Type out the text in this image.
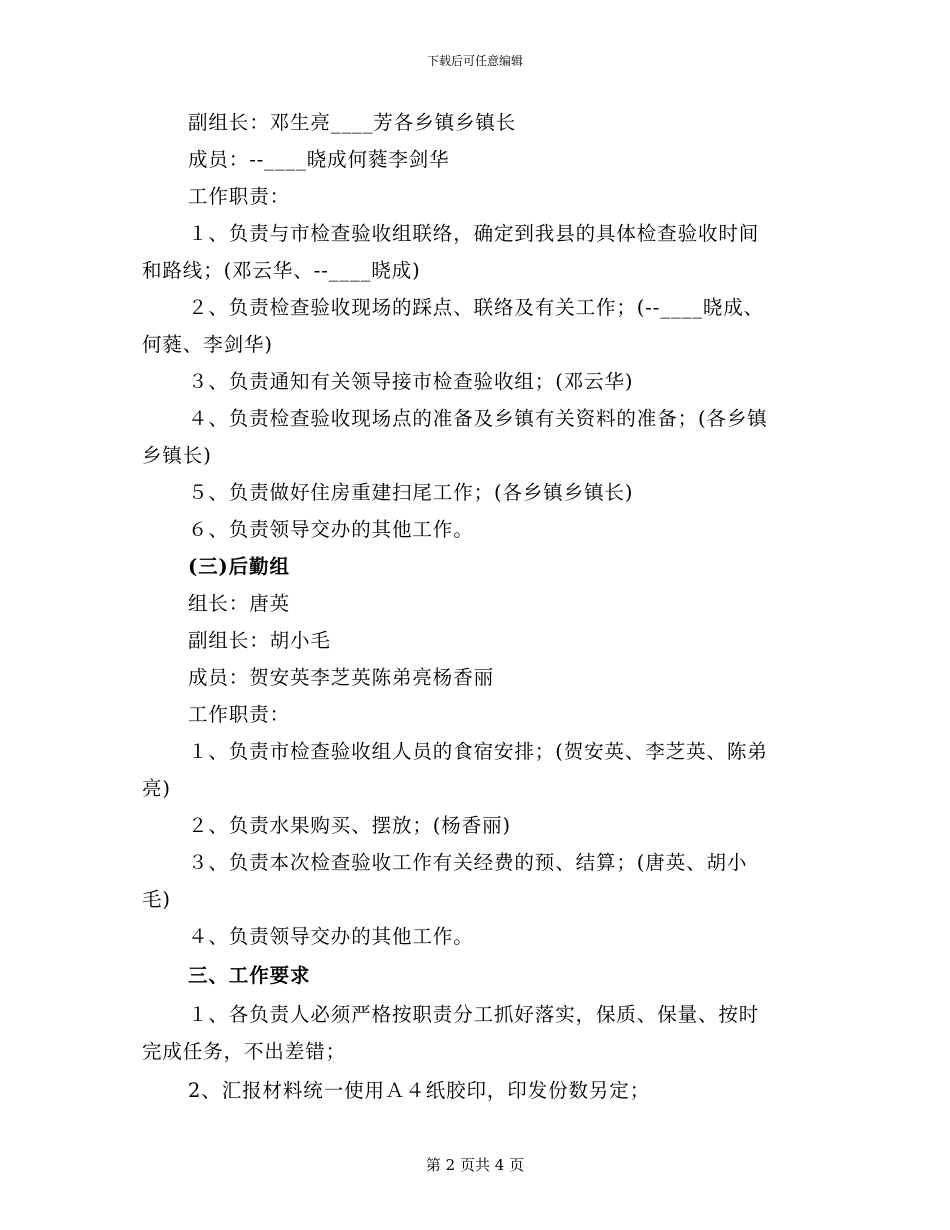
下载后可任意编辑
副组长：邓生亮____芳各乡镇乡镇长
成员：--____晓成何蕤李剑华
工作职责：
１、负责与市检查验收组联络，确定到我县的具体检查验收时间
和路线；(邓云华、--____晓成)
２、负责检查验收现场的踩点、联络及有关工作；(--____晓成、
何蕤、李剑华)
３、负责通知有关领导接市检查验收组；(邓云华)
４、负责检查验收现场点的准备及乡镇有关资料的准备；(各乡镇
乡镇长)
５、负责做好住房重建扫尾工作；(各乡镇乡镇长)
６、负责领导交办的其他工作。
(三)后勤组
组长：唐英
副组长：胡小毛
成员：贺安英李芝英陈弟亮杨香丽
工作职责：
１、负责市检查验收组人员的食宿安排；(贺安英、李芝英、陈弟
亮)
２、负责水果购买、摆放；(杨香丽)
３、负责本次检查验收工作有关经费的预、结算；(唐英、胡小
毛)
４、负责领导交办的其他工作。
三、工作要求
１、各负责人必须严格按职责分工抓好落实，保质、保量、按时
完成任务，不出差错；
2、汇报材料统一使用Ａ４纸胶印，印发份数另定；
第 2 页共 4 页
